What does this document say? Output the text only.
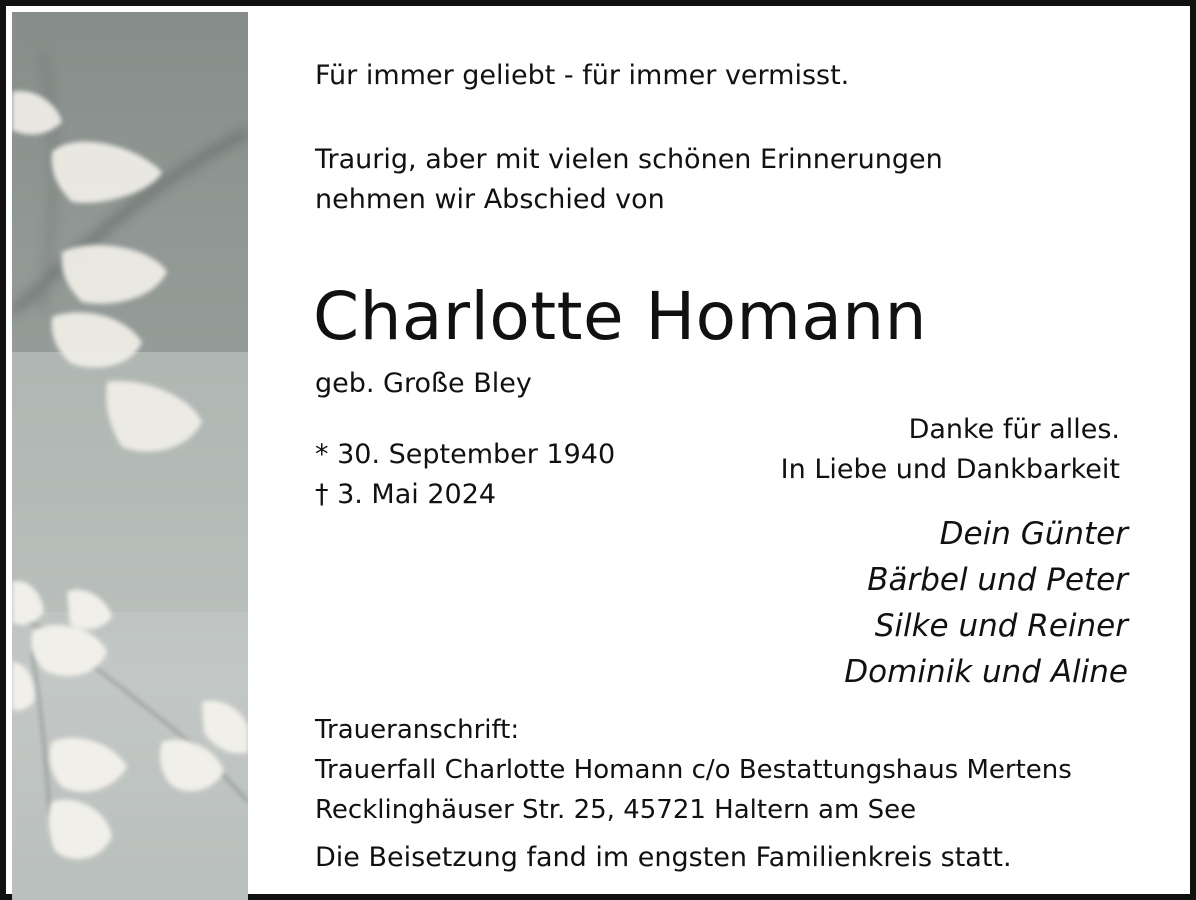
Für immer geliebt - für immer vermisst.
Traurig, aber mit vielen schönen Erinnerungen
nehmen wir Abschied von
Charlotte Homann
geb. Große Bley
* 30. September 1940
† 3. Mai 2024
Danke für alles.
In Liebe und Dankbarkeit
Dein Günter
Bärbel und Peter
Silke und Reiner
Dominik und Aline
Traueranschrift:
Trauerfall Charlotte Homann c/o Bestattungshaus Mertens
Recklinghäuser Str. 25, 45721 Haltern am See
Die Beisetzung fand im engsten Familienkreis statt.
